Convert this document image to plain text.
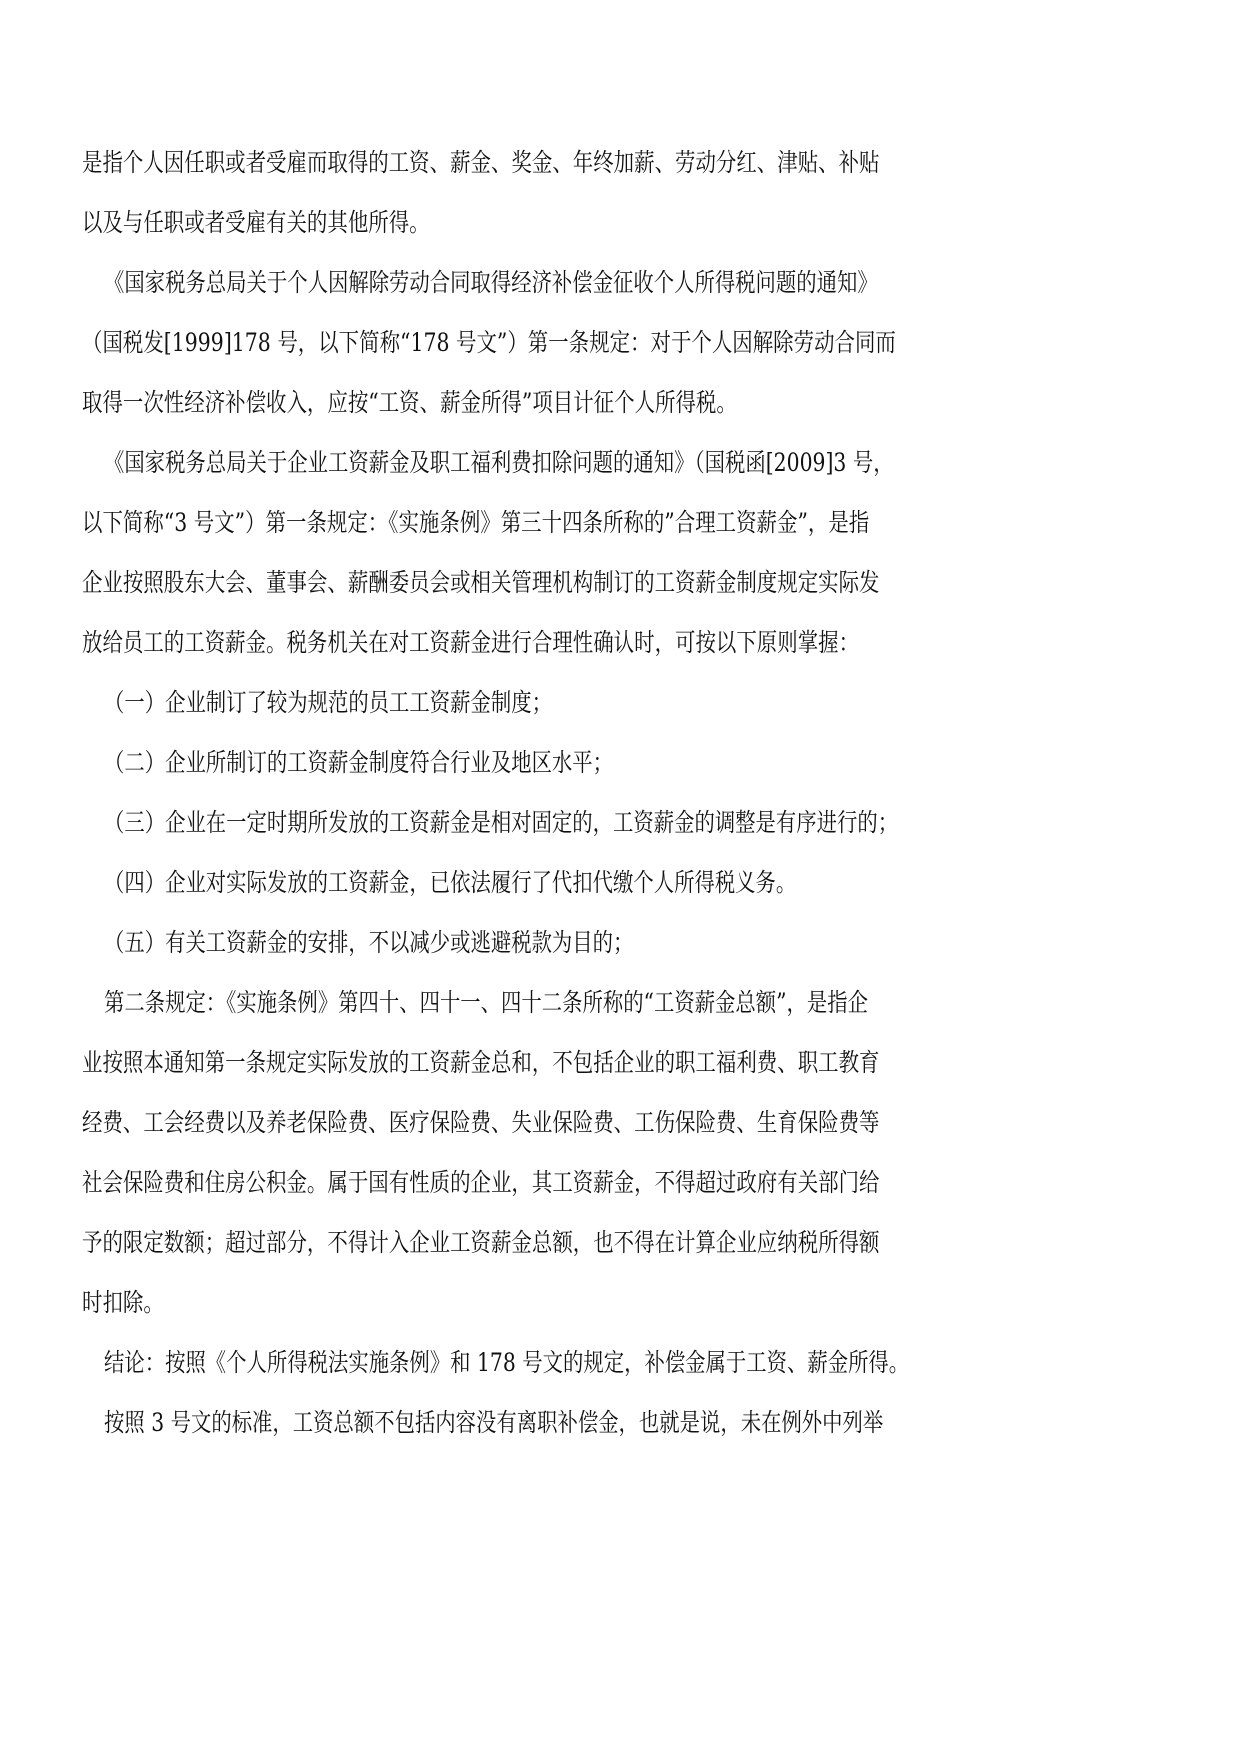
是指个人因任职或者受雇而取得的工资、薪金、奖金、年终加薪、劳动分红、津贴、补贴
以及与任职或者受雇有关的其他所得。
《国家税务总局关于个人因解除劳动合同取得经济补偿金征收个人所得税问题的通知》
（国税发[1999]178 号，以下简称“178 号文”）第一条规定：对于个人因解除劳动合同而
取得一次性经济补偿收入，应按“工资、薪金所得”项目计征个人所得税。
《国家税务总局关于企业工资薪金及职工福利费扣除问题的通知》（国税函[2009]3 号，
以下简称“3 号文”）第一条规定：《实施条例》第三十四条所称的”合理工资薪金”，是指
企业按照股东大会、董事会、薪酬委员会或相关管理机构制订的工资薪金制度规定实际发
放给员工的工资薪金。税务机关在对工资薪金进行合理性确认时，可按以下原则掌握：
（一）企业制订了较为规范的员工工资薪金制度；
（二）企业所制订的工资薪金制度符合行业及地区水平；
（三）企业在一定时期所发放的工资薪金是相对固定的，工资薪金的调整是有序进行的；
（四）企业对实际发放的工资薪金，已依法履行了代扣代缴个人所得税义务。
（五）有关工资薪金的安排，不以减少或逃避税款为目的；
第二条规定：《实施条例》第四十、四十一、四十二条所称的“工资薪金总额”，是指企
业按照本通知第一条规定实际发放的工资薪金总和，不包括企业的职工福利费、职工教育
经费、工会经费以及养老保险费、医疗保险费、失业保险费、工伤保险费、生育保险费等
社会保险费和住房公积金。属于国有性质的企业，其工资薪金，不得超过政府有关部门给
予的限定数额；超过部分，不得计入企业工资薪金总额，也不得在计算企业应纳税所得额
时扣除。
结论：按照《个人所得税法实施条例》和 178 号文的规定，补偿金属于工资、薪金所得。
按照 3 号文的标准，工资总额不包括内容没有离职补偿金，也就是说，未在例外中列举
